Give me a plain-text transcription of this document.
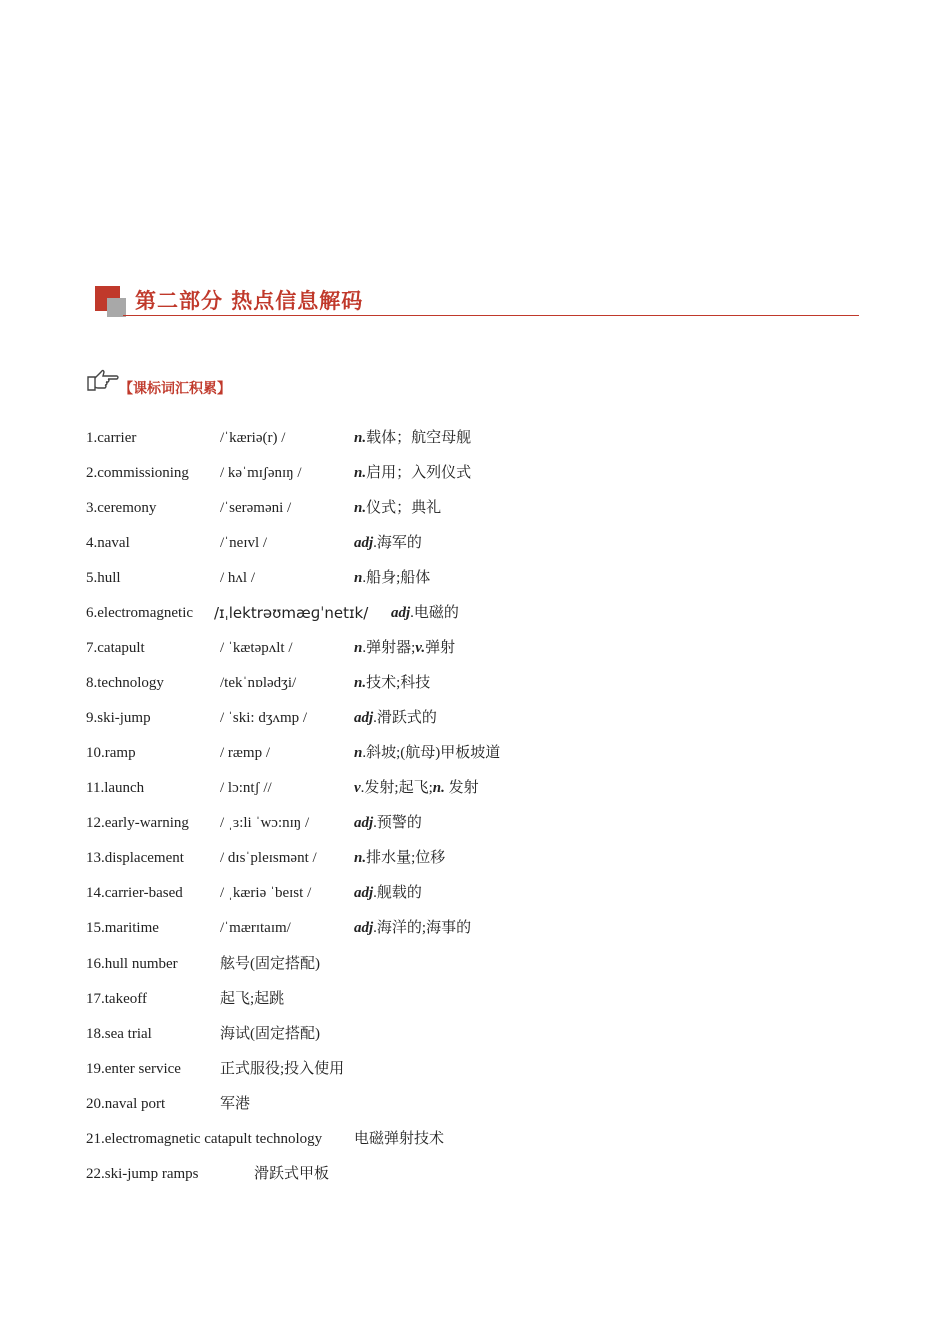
第二部分 热点信息解码
【课标词汇积累】
1.carrier	/ˈkæriə(r) /	n.载体；航空母舰
2.commissioning / kəˈmɪʃənɪŋ /	n.启用；入列仪式
3.ceremony	/ˈserəməni /	n.仪式；典礼
4.naval	/ˈneɪvl /	adj.海军的
5.hull	/ hʌl /	n.船身;船体
6.electromagnetic /ɪˌlektrəʊmæɡˈnetɪk/ adj.电磁的
7.catapult	/ ˈkætəpʌlt /	n.弹射器;v.弹射
8.technology	/tekˈnɒlədʒi/	n.技术;科技
9.ski-jump	/ ˈski: dʒʌmp /	adj.滑跃式的
10.ramp	/ ræmp /	n.斜坡;(航母)甲板坡道
11.launch	/ lɔ:ntʃ //	v.发射;起飞;n. 发射
12.early-warning / ˌɜ:li ˈwɔ:nɪŋ /	adj.预警的
13.displacement / dɪsˈpleɪsmənt / n.排水量;位移
14.carrier-based / ˌkæriə ˈbeɪst /	adj.舰载的
15.maritime	/ˈmærɪtaɪm/	adj.海洋的;海事的
16.hull number	舷号(固定搭配)
17.takeoff	起飞;起跳
18.sea trial	海试(固定搭配)
19.enter service	正式服役;投入使用
20.naval port	军港
21.electromagnetic catapult technology 电磁弹射技术
22.ski-jump ramps	滑跃式甲板
